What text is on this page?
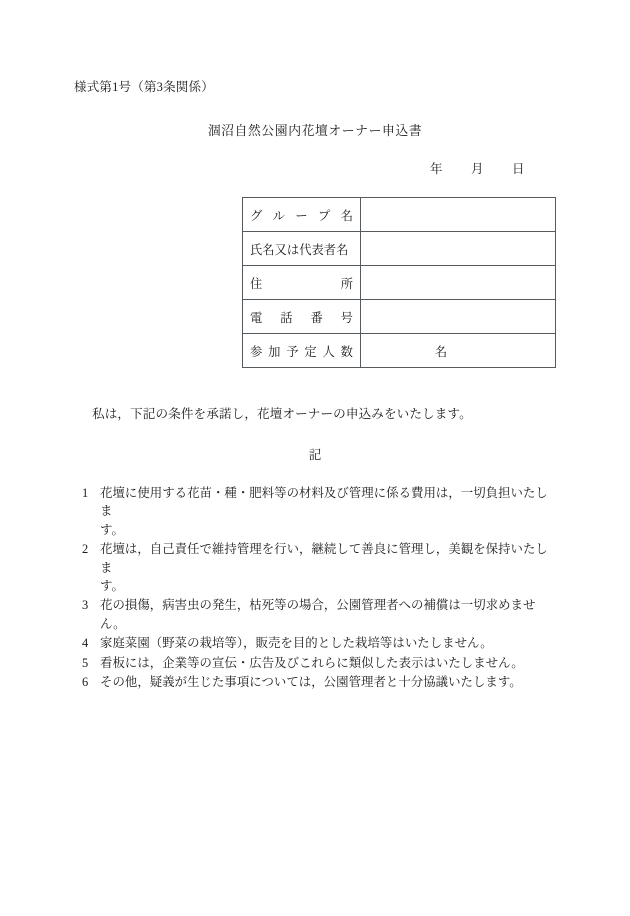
様式第1号（第3条関係）
涸沼自然公園内花壇オーナー申込書
年	月	日
グ ル ー プ 名	

氏名又は代表者名	

住 所	

電 話 番 号	

参 加 予 定 人 数	名
私は，下記の条件を承諾し，花壇オーナーの申込みをいたします。
記
1 花壇に使用する花苗・種・肥料等の材料及び管理に係る費用は，一切負担いたしま
す。
2 花壇は，自己責任で維持管理を行い，継続して善良に管理し，美観を保持いたしま
す。
3 花の損傷，病害虫の発生，枯死等の場合，公園管理者への補償は一切求めません。
4 家庭菜園（野菜の栽培等），販売を目的とした栽培等はいたしません。
5 看板には，企業等の宣伝・広告及びこれらに類似した表示はいたしません。
6 その他，疑義が生じた事項については，公園管理者と十分協議いたします。
